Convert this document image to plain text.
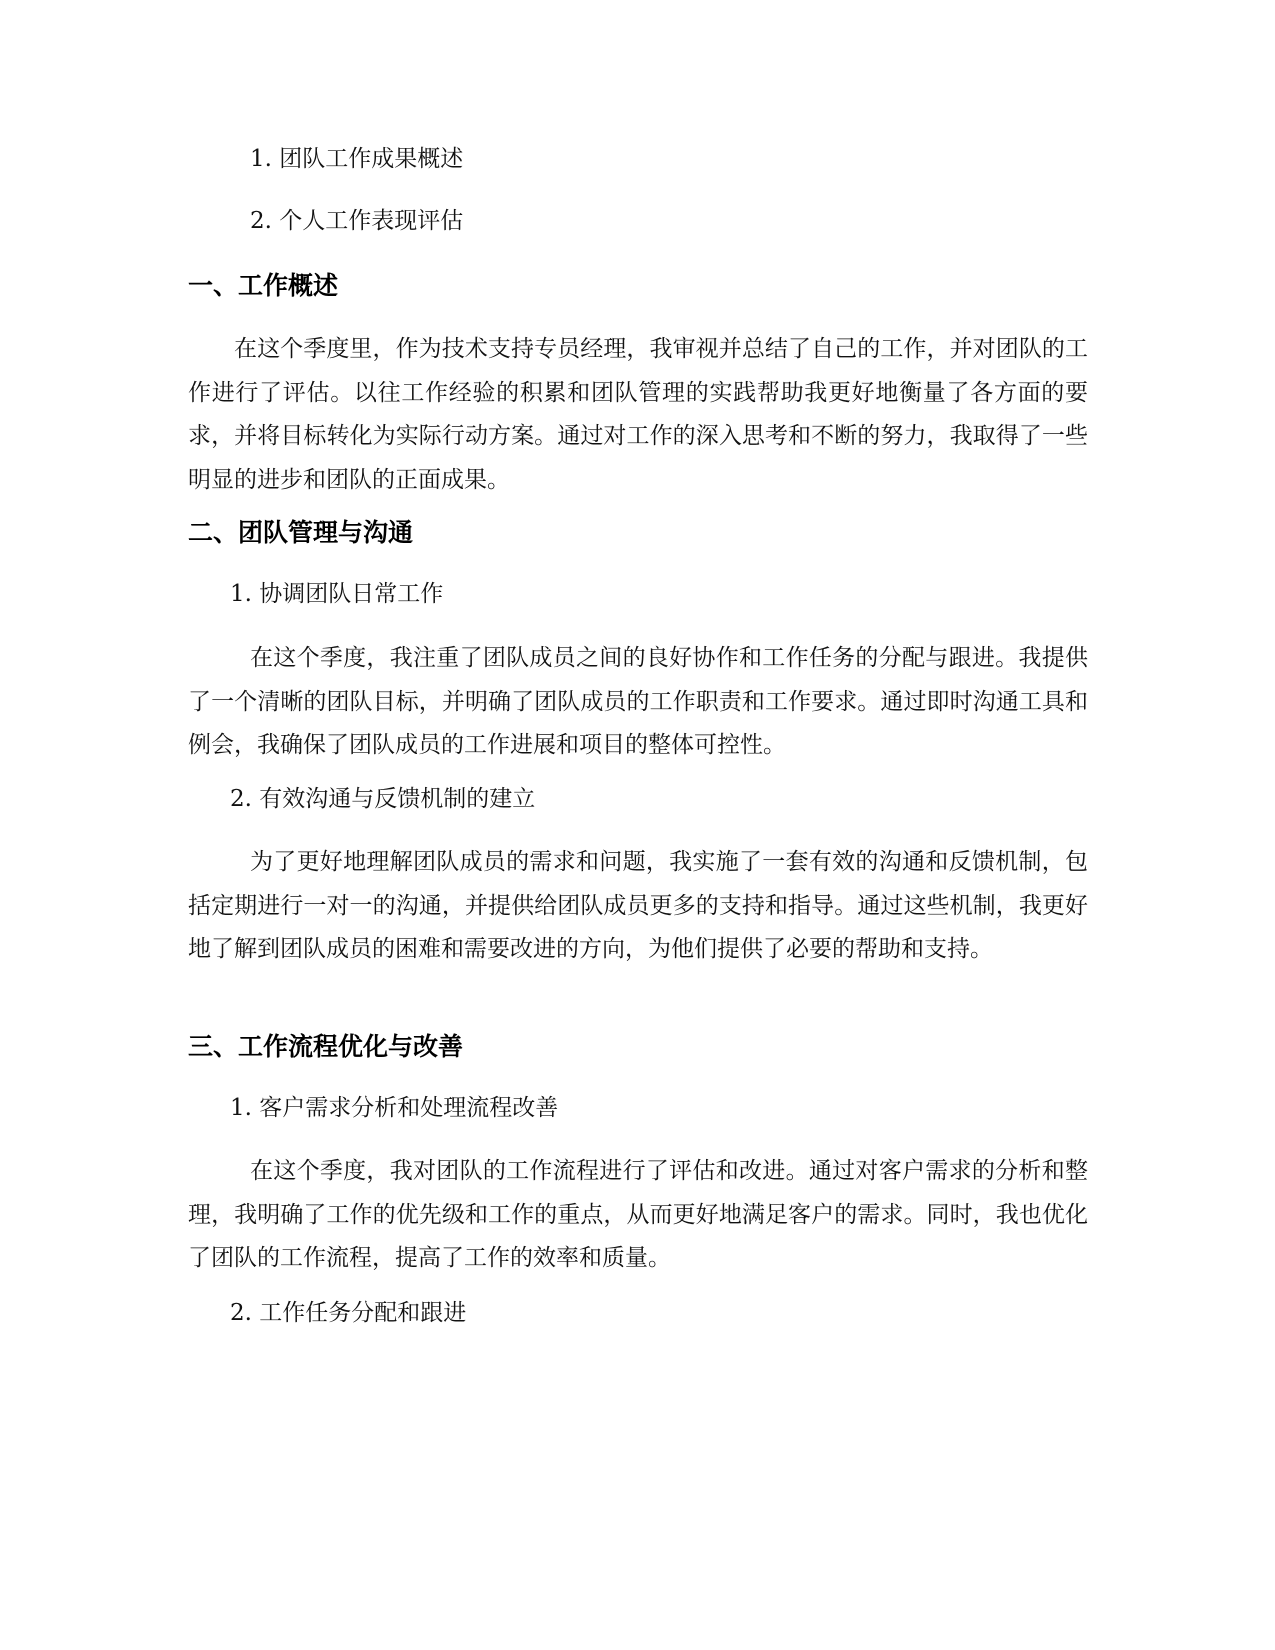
1. 团队工作成果概述
2. 个人工作表现评估
一、工作概述
在这个季度里，作为技术支持专员经理，我审视并总结了自己的工作，并对团队的工作进行了评估。以往工作经验的积累和团队管理的实践帮助我更好地衡量了各方面的要求，并将目标转化为实际行动方案。通过对工作的深入思考和不断的努力，我取得了一些明显的进步和团队的正面成果。
二、团队管理与沟通
1. 协调团队日常工作
在这个季度，我注重了团队成员之间的良好协作和工作任务的分配与跟进。我提供了一个清晰的团队目标，并明确了团队成员的工作职责和工作要求。通过即时沟通工具和例会，我确保了团队成员的工作进展和项目的整体可控性。
2. 有效沟通与反馈机制的建立
为了更好地理解团队成员的需求和问题，我实施了一套有效的沟通和反馈机制，包括定期进行一对一的沟通，并提供给团队成员更多的支持和指导。通过这些机制，我更好地了解到团队成员的困难和需要改进的方向，为他们提供了必要的帮助和支持。
三、工作流程优化与改善
1. 客户需求分析和处理流程改善
在这个季度，我对团队的工作流程进行了评估和改进。通过对客户需求的分析和整理，我明确了工作的优先级和工作的重点，从而更好地满足客户的需求。同时，我也优化了团队的工作流程，提高了工作的效率和质量。
2. 工作任务分配和跟进
